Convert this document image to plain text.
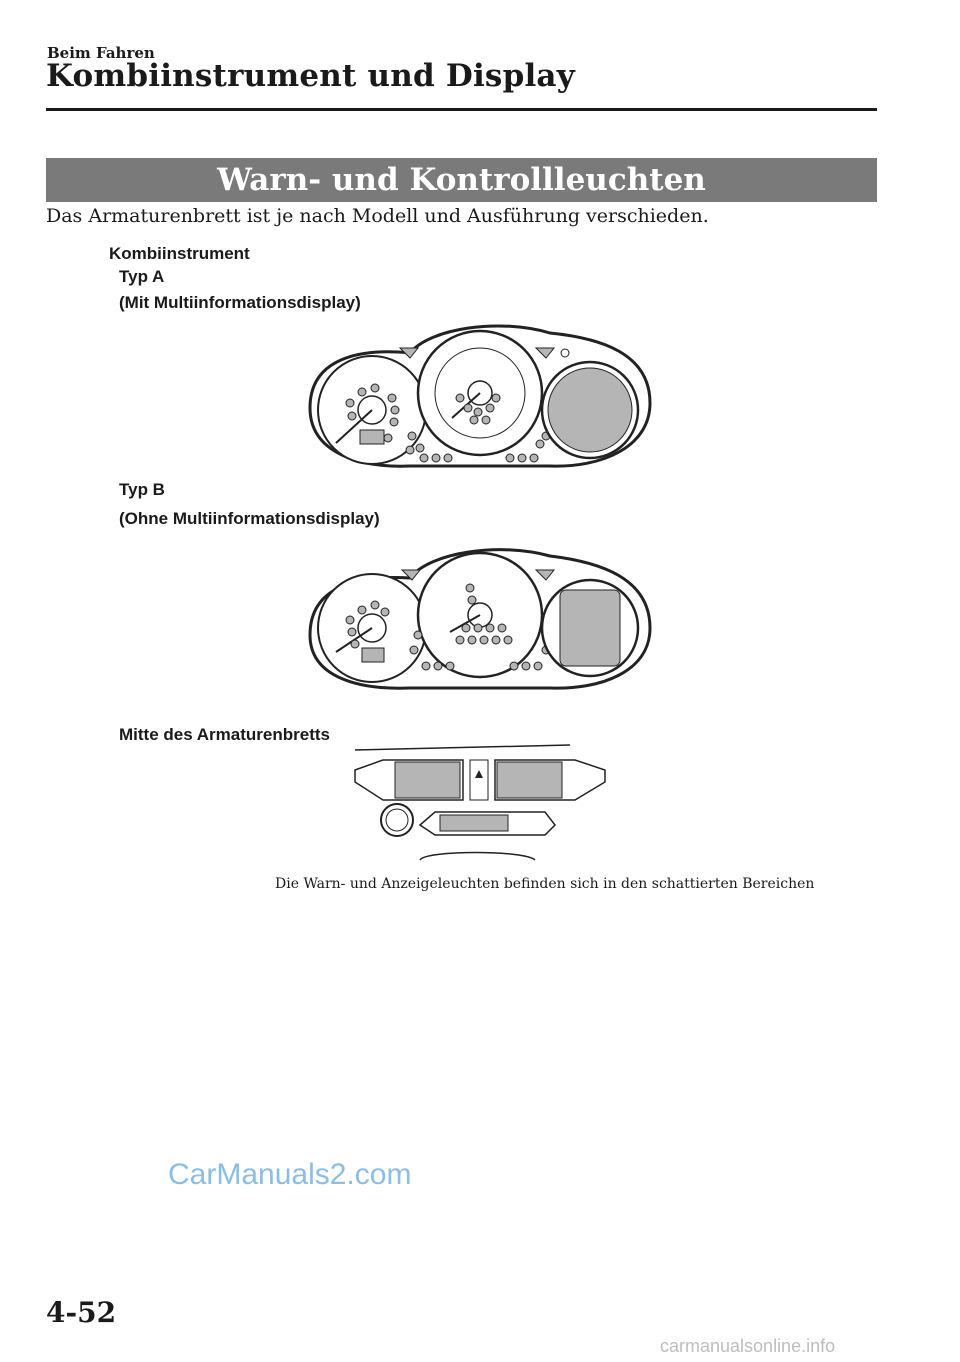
Beim Fahren
Kombiinstrument und Display
Warn- und Kontrollleuchten
Das Armaturenbrett ist je nach Modell und Ausführung verschieden.
Kombiinstrument
Typ A
(Mit Multiinformationsdisplay)
Typ B
(Ohne Multiinformationsdisplay)
Mitte des Armaturenbretts
Die Warn- und Anzeigeleuchten befinden sich in den schattierten Bereichen
CarManuals2.com
4-52
carmanualsonline.info
